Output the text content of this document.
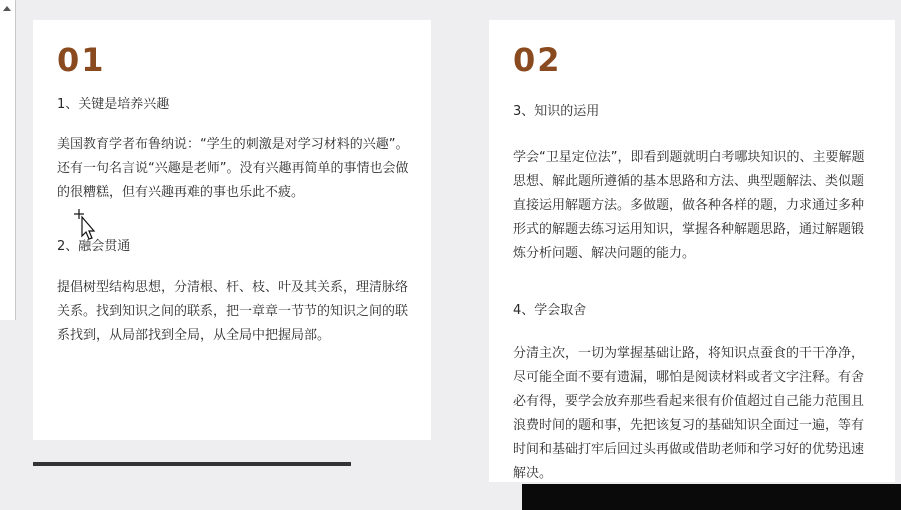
01

1、关键是培养兴趣

美国教育学者布鲁纳说：“学生的刺激是对学习材料的兴趣”。还有一句名言说“兴趣是老师”。没有兴趣再简单的事情也会做的很糟糕，但有兴趣再难的事也乐此不疲。

2、融会贯通

提倡树型结构思想，分清根、杆、枝、叶及其关系，理清脉络关系。找到知识之间的联系，把一章章一节节的知识之间的联系找到，从局部找到全局，从全局中把握局部。

02

3、知识的运用

学会“卫星定位法”，即看到题就明白考哪块知识的、主要解题思想、解此题所遵循的基本思路和方法、典型题解法、类似题直接运用解题方法。多做题，做各种各样的题，力求通过多种形式的解题去练习运用知识，掌握各种解题思路，通过解题锻炼分析问题、解决问题的能力。

4、学会取舍

分清主次，一切为掌握基础让路，将知识点蚕食的干干净净，尽可能全面不要有遗漏，哪怕是阅读材料或者文字注释。有舍必有得，要学会放弃那些看起来很有价值超过自己能力范围且浪费时间的题和事，先把该复习的基础知识全面过一遍，等有时间和基础打牢后回过头再做或借助老师和学习好的优势迅速解决。
